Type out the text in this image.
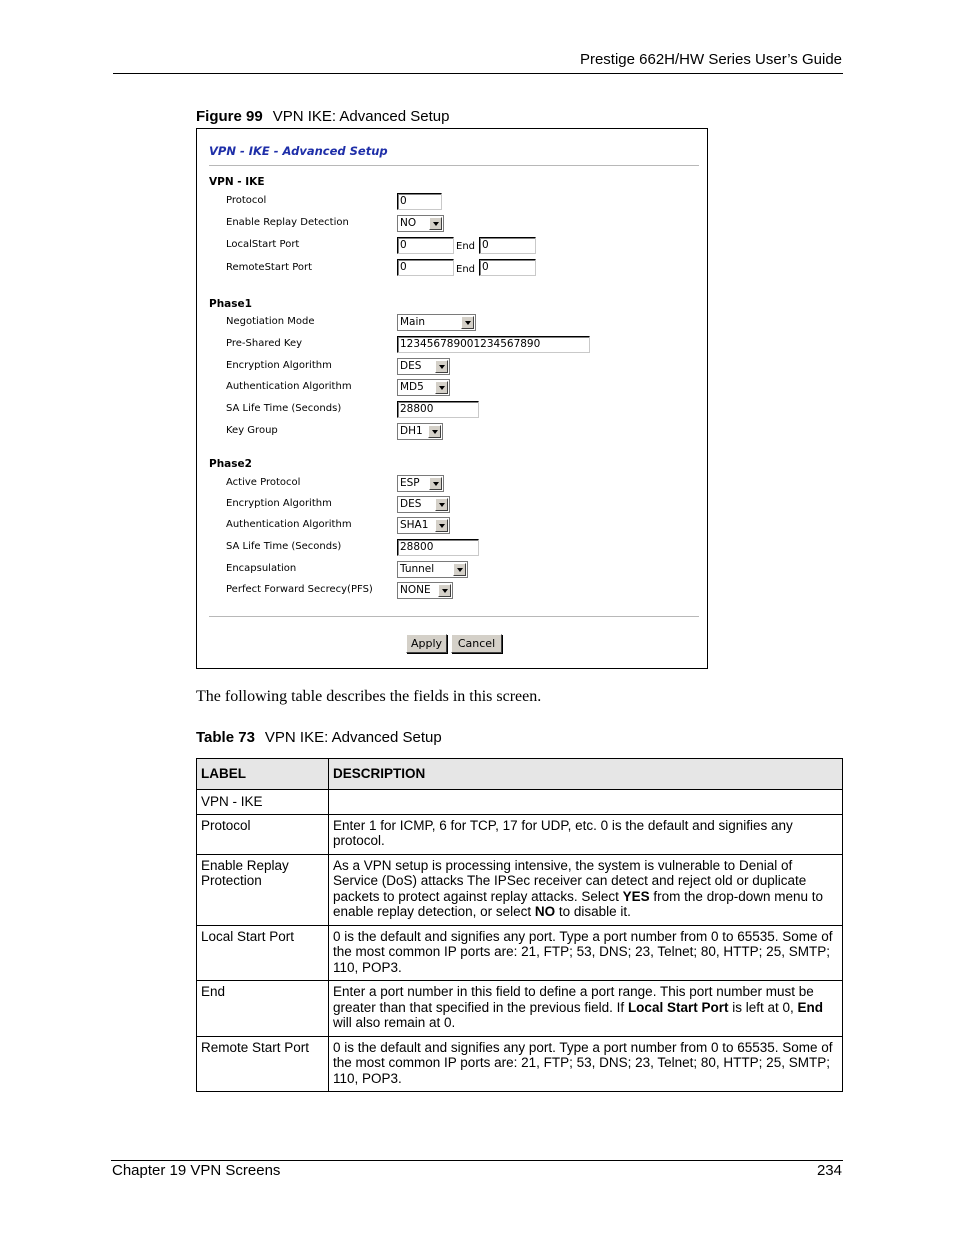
Prestige 662H/HW Series User’s Guide
Figure 99 VPN IKE: Advanced Setup
VPN - IKE - Advanced Setup
VPN - IKE
Protocol	0
Enable Replay Detection	NO
LocalStart Port	0	End 0
RemoteStart Port	0	End 0
Phase1
Negotiation Mode	Main
Pre-Shared Key	12345678900123456789​0
Encryption Algorithm	DES
Authentication Algorithm	MD5
SA Life Time (Seconds)	28800
Key Group	DH1
Phase2
Active Protocol	ESP
Encryption Algorithm	DES
Authentication Algorithm	SHA1
SA Life Time (Seconds)	28800
Encapsulation	Tunnel
Perfect Forward Secrecy(PFS)	NONE
Apply	Cancel
The following table describes the fields in this screen.
Table 73 VPN IKE: Advanced Setup
LABEL	DESCRIPTION
VPN - IKE	
Protocol	Enter 1 for ICMP, 6 for TCP, 17 for UDP, etc. 0 is the default and signifies any protocol.
Enable Replay Protection	As a VPN setup is processing intensive, the system is vulnerable to Denial of Service (DoS) attacks The IPSec receiver can detect and reject old or duplicate packets to protect against replay attacks. Select YES from the drop-down menu to enable replay detection, or select NO to disable it.
Local Start Port	0 is the default and signifies any port. Type a port number from 0 to 65535. Some of the most common IP ports are: 21, FTP; 53, DNS; 23, Telnet; 80, HTTP; 25, SMTP; 110, POP3.
End	Enter a port number in this field to define a port range. This port number must be greater than that specified in the previous field. If Local Start Port is left at 0, End will also remain at 0.
Remote Start Port	0 is the default and signifies any port. Type a port number from 0 to 65535. Some of the most common IP ports are: 21, FTP; 53, DNS; 23, Telnet; 80, HTTP; 25, SMTP; 110, POP3.
Chapter 19 VPN Screens	234
